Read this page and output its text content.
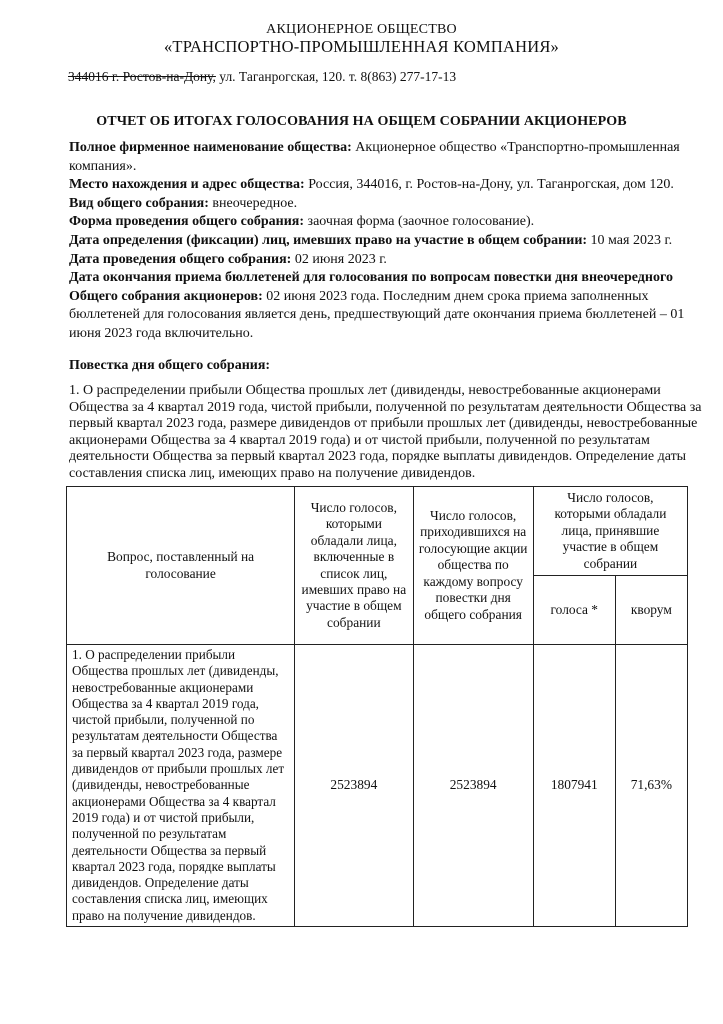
АКЦИОНЕРНОЕ ОБЩЕСТВО
«ТРАНСПОРТНО-ПРОМЫШЛЕННАЯ КОМПАНИЯ»
344016 г. Ростов-на-Дону, ул. Таганрогская, 120. т. 8(863) 277-17-13
ОТЧЕТ ОБ ИТОГАХ ГОЛОСОВАНИЯ НА ОБЩЕМ СОБРАНИИ АКЦИОНЕРОВ

Полное фирменное наименование общества: Акционерное общество «Транспортно-промышленная компания».

Место нахождения и адрес общества: Россия, 344016, г. Ростов-на-Дону, ул. Таганрогская, дом 120.

Вид общего собрания: внеочередное.

Форма проведения общего собрания: заочная форма (заочное голосование).

Дата определения (фиксации) лиц, имевших право на участие в общем собрании: 10 мая 2023 г.

Дата проведения общего собрания: 02 июня 2023 г.

Дата окончания приема бюллетеней для голосования по вопросам повестки дня внеочередного Общего собрания акционеров: 02 июня 2023 года. Последним днем срока приема заполненных бюллетеней для голосования является день, предшествующий дате окончания приема бюллетеней – 01 июня 2023 года включительно.

Повестка дня общего собрания:
1. О распределении прибыли Общества прошлых лет (дивиденды, невостребованные акционерами Общества за 4 квартал 2019 года, чистой прибыли, полученной по результатам деятельности Общества за первый квартал 2023 года, размере дивидендов от прибыли прошлых лет (дивиденды, невостребованные акционерами Общества за 4 квартал 2019 года) и от чистой прибыли, полученной по результатам деятельности Общества за первый квартал 2023 года, порядке выплаты дивидендов. Определение даты составления списка лиц, имеющих право на получение дивидендов.
Вопрос, поставленный на голосование	Число голосов, которыми обладали лица, включенные в список лиц, имевших право на участие в общем собрании	Число голосов, приходившихся на голосующие акции общества по каждому вопросу повестки дня общего собрания	Число голосов, которыми обладали лица, принявшие участие в общем собрании	
			голоса *	кворум
1. О распределении прибыли Общества прошлых лет (дивиденды, невостребованные акционерами Общества за 4 квартал 2019 года, чистой прибыли, полученной по результатам деятельности Общества за первый квартал 2023 года, размере дивидендов от прибыли прошлых лет (дивиденды, невостребованные акционерами Общества за 4 квартал 2019 года) и от чистой прибыли, полученной по результатам деятельности Общества за первый квартал 2023 года, порядке выплаты дивидендов. Определение даты составления списка лиц, имеющих право на получение дивидендов.	2523894	2523894	1807941	71,63%
